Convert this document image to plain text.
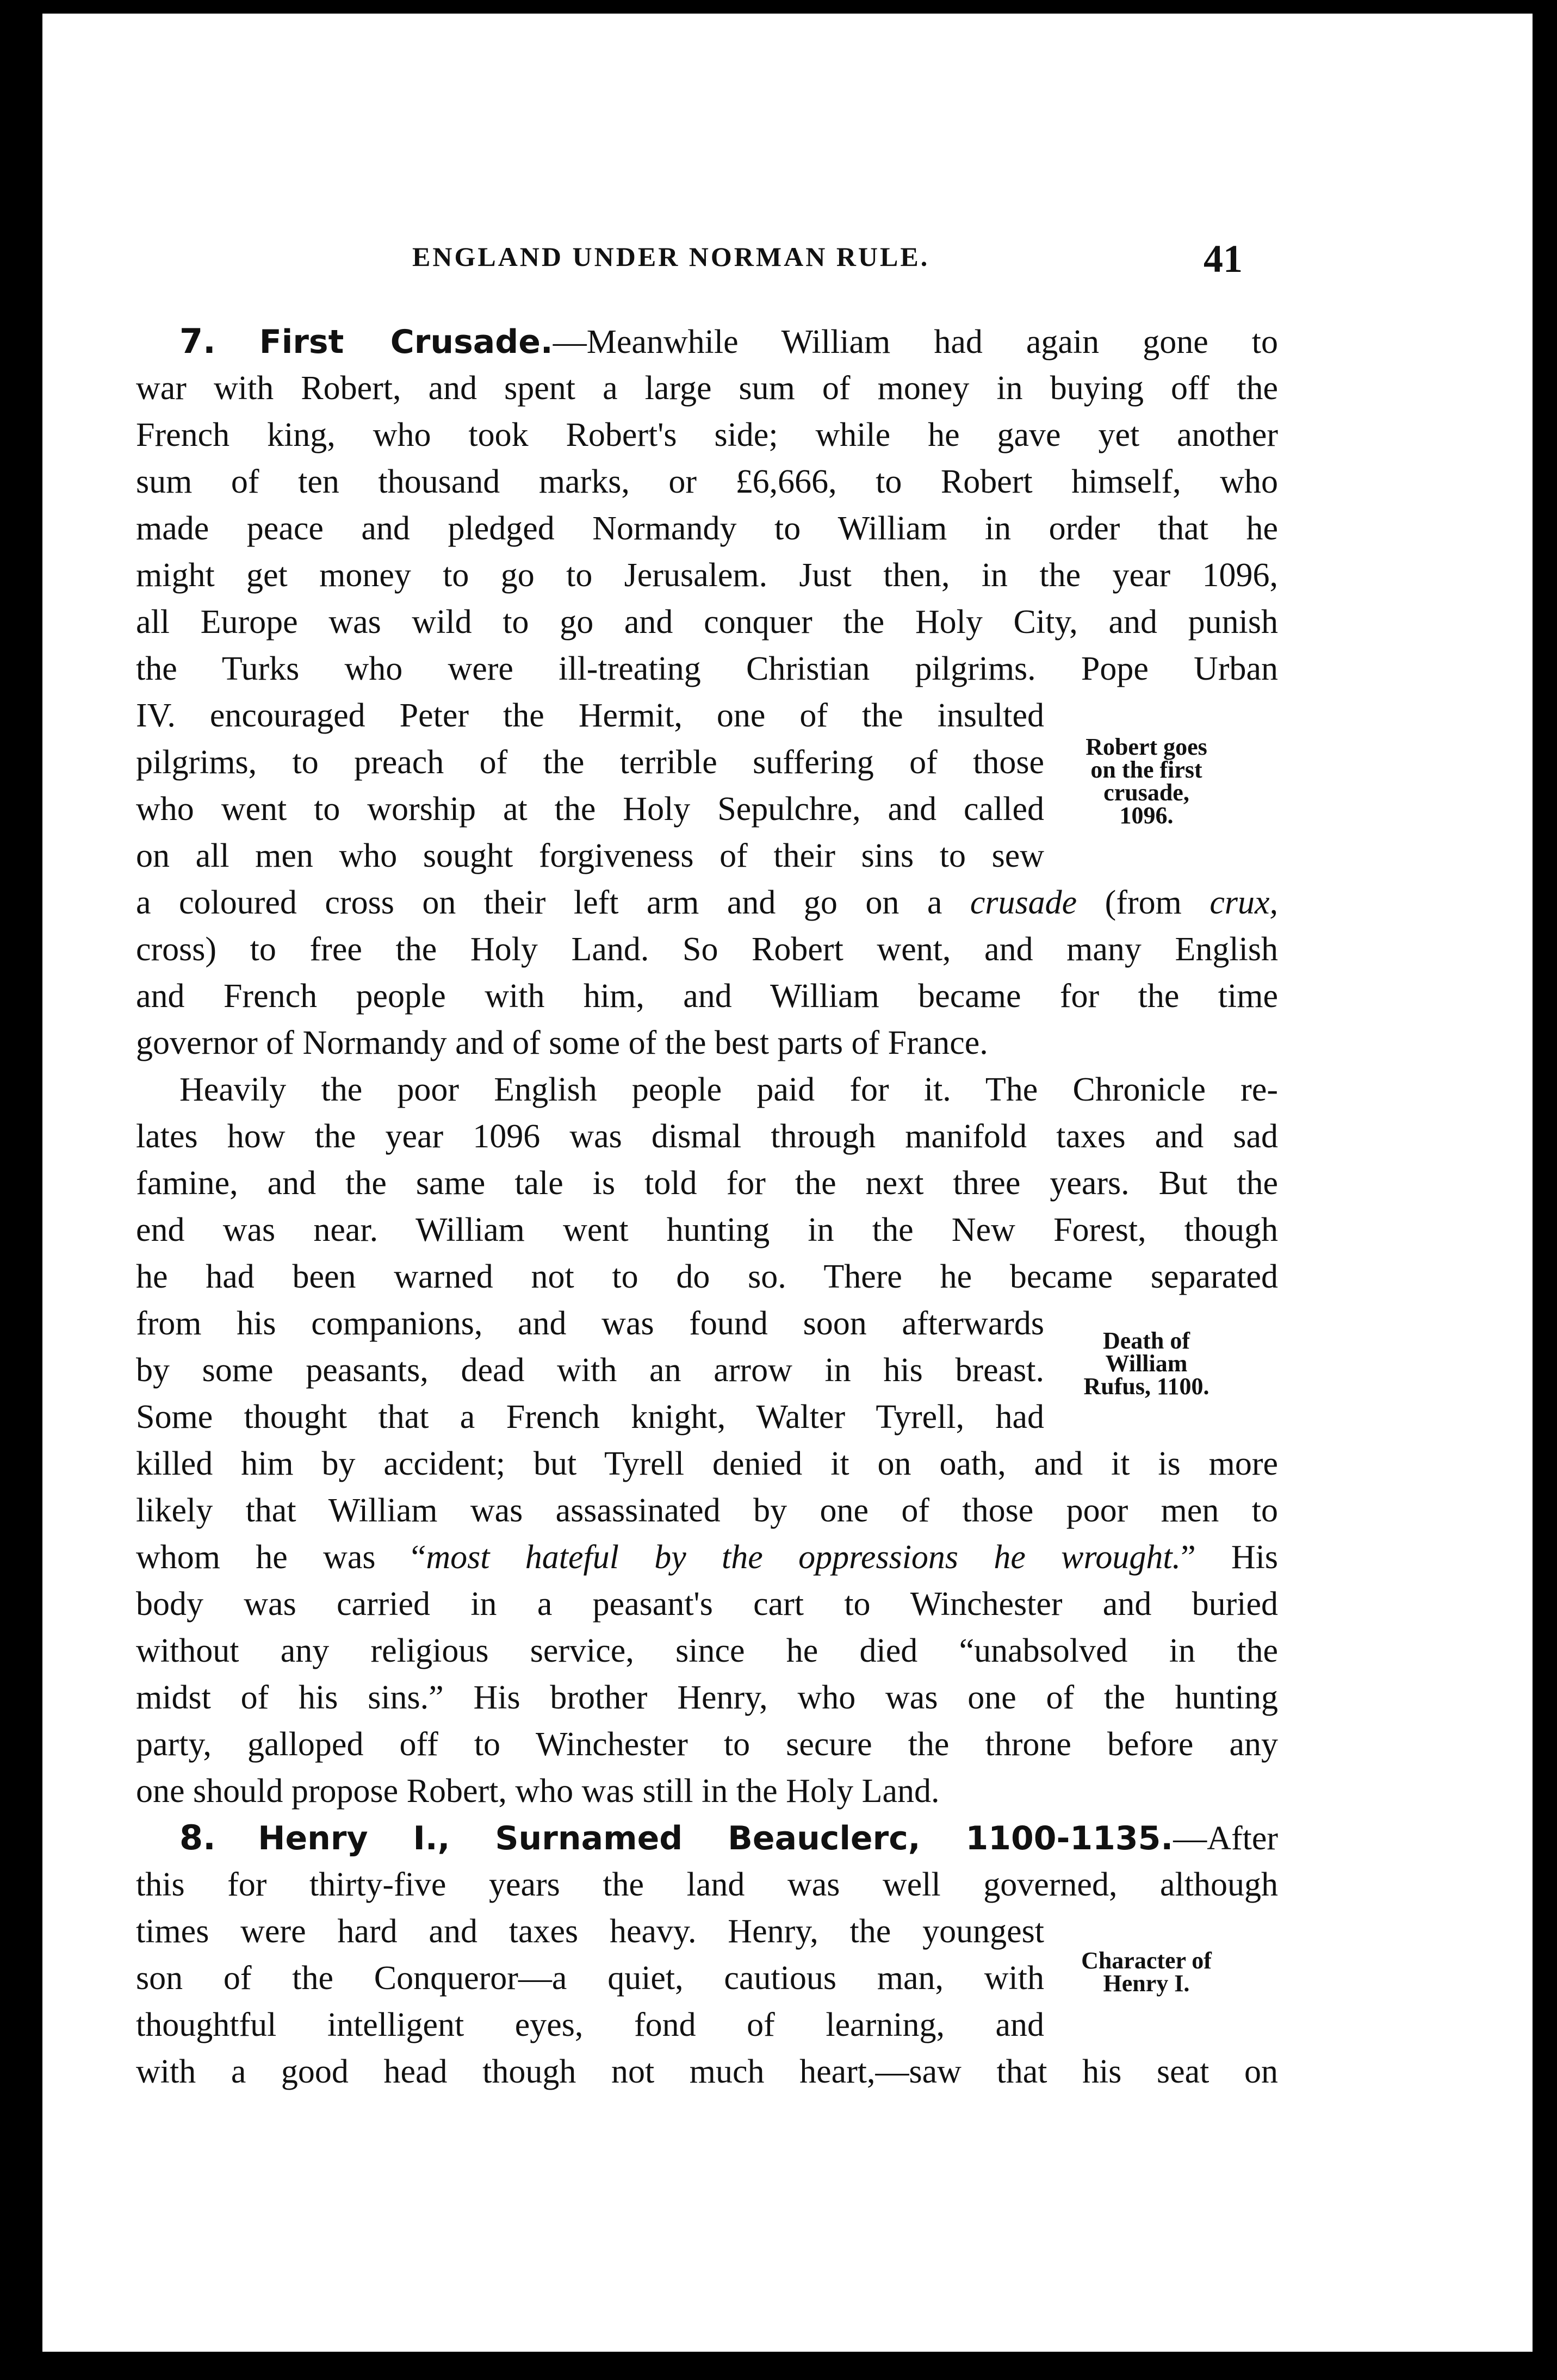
ENGLAND UNDER NORMAN RULE.	41
7. First Crusade.—Meanwhile William had again gone to
war with Robert, and spent a large sum of money in buying off the
French king, who took Robert's side; while he gave yet another
sum of ten thousand marks, or £6,666, to Robert himself, who
made peace and pledged Normandy to William in order that he
might get money to go to Jerusalem. Just then, in the year 1096,
all Europe was wild to go and conquer the Holy City, and punish
the Turks who were ill-treating Christian pilgrims. Pope Urban
IV. encouraged Peter the Hermit, one of the insulted
pilgrims, to preach of the terrible suffering of those
who went to worship at the Holy Sepulchre, and called
on all men who sought forgiveness of their sins to sew
a coloured cross on their left arm and go on a crusade (from crux,
cross) to free the Holy Land. So Robert went, and many English
and French people with him, and William became for the time
governor of Normandy and of some of the best parts of France.
Heavily the poor English people paid for it. The Chronicle re-
lates how the year 1096 was dismal through manifold taxes and sad
famine, and the same tale is told for the next three years. But the
end was near. William went hunting in the New Forest, though
he had been warned not to do so. There he became separated
from his companions, and was found soon afterwards
by some peasants, dead with an arrow in his breast.
Some thought that a French knight, Walter Tyrell, had
killed him by accident; but Tyrell denied it on oath, and it is more
likely that William was assassinated by one of those poor men to
whom he was “most hateful by the oppressions he wrought.” His
body was carried in a peasant's cart to Winchester and buried
without any religious service, since he died “unabsolved in the
midst of his sins.” His brother Henry, who was one of the hunting
party, galloped off to Winchester to secure the throne before any
one should propose Robert, who was still in the Holy Land.
8. Henry I., Surnamed Beauclerc, 1100-1135.—After
this for thirty-five years the land was well governed, although
times were hard and taxes heavy. Henry, the youngest
son of the Conqueror—a quiet, cautious man, with
thoughtful intelligent eyes, fond of learning, and
with a good head though not much heart,—saw that his seat on
Robert goes
on the first
crusade,
1096.
Death of
William
Rufus, 1100.
Character of
Henry I.
